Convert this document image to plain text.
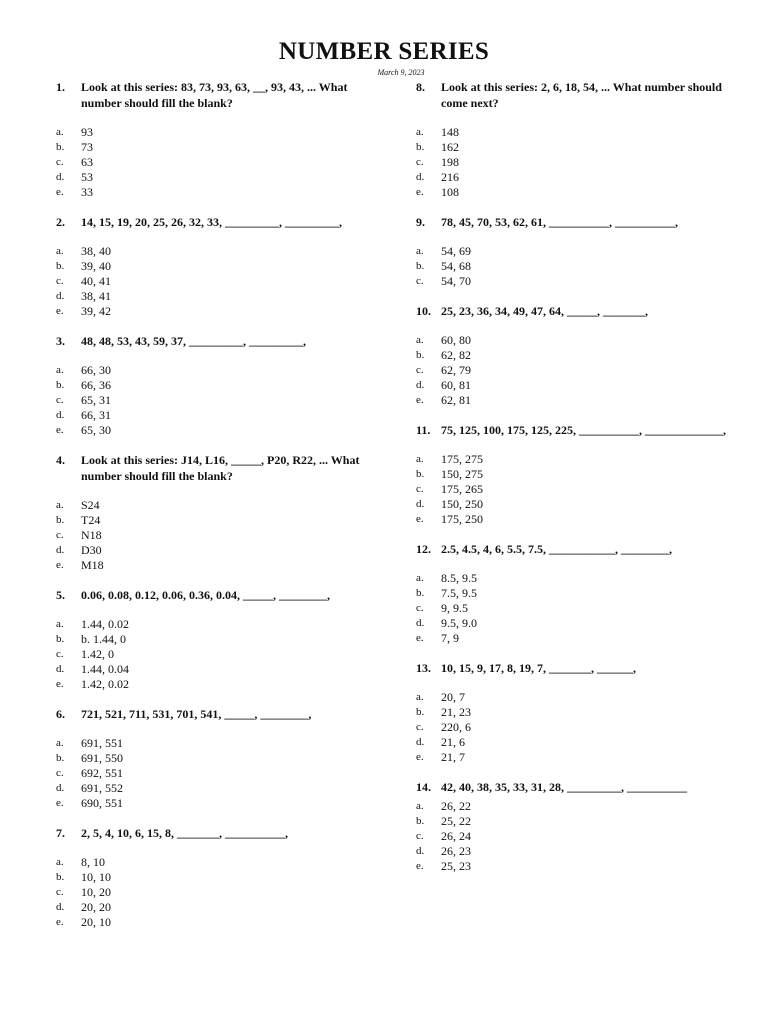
NUMBER SERIES
March 9, 2023
1.	Look at this series: 83, 73, 93, 63, __, 93, 43, ... What number should fill the blank?
a.	93
b.	73
c.	63
d.	53
e.	33
2.	14, 15, 19, 20, 25, 26, 32, 33, _________, _________,
a.	38, 40
b.	39, 40
c.	40, 41
d.	38, 41
e.	39, 42
3.	48, 48, 53, 43, 59, 37, _________, _________,
a.	66, 30
b.	66, 36
c.	65, 31
d.	66, 31
e.	65, 30
4.	Look at this series: J14, L16, _____, P20, R22, ... What number should fill the blank?
a.	S24
b.	T24
c.	N18
d.	D30
e.	M18
5.	0.06, 0.08, 0.12, 0.06, 0.36, 0.04, _____, ________,
a.	1.44, 0.02
b.	b. 1.44, 0
c.	1.42, 0
d.	1.44, 0.04
e.	1.42, 0.02
6.	721, 521, 711, 531, 701, 541, _____, ________,
a.	691, 551
b.	691, 550
c.	692, 551
d.	691, 552
e.	690, 551
7.	2, 5, 4, 10, 6, 15, 8, _______, __________,
a.	8, 10
b.	10, 10
c.	10, 20
d.	20, 20
e.	20, 10
8.	Look at this series: 2, 6, 18, 54, ... What number should come next?
a.	148
b.	162
c.	198
d.	216
e.	108
9.	78, 45, 70, 53, 62, 61, __________, __________,
a.	54, 69
b.	54, 68
c.	54, 70
10. 25, 23, 36, 34, 49, 47, 64, _____, _______,
a.	60, 80
b.	62, 82
c.	62, 79
d.	60, 81
e.	62, 81
11. 75, 125, 100, 175, 125, 225, __________, _____________,
a.	175, 275
b.	150, 275
c.	175, 265
d.	150, 250
e.	175, 250
12. 2.5, 4.5, 4, 6, 5.5, 7.5, ___________, ________,
a.	8.5, 9.5
b.	7.5, 9.5
c.	9, 9.5
d.	9.5, 9.0
e.	7, 9
13. 10, 15, 9, 17, 8, 19, 7, _______, ______,
a.	20, 7
b.	21, 23
c.	220, 6
d.	21, 6
e.	21, 7
14. 42, 40, 38, 35, 33, 31, 28, _________, __________
a.	26, 22
b.	25, 22
c.	26, 24
d.	26, 23
e.	25, 23
